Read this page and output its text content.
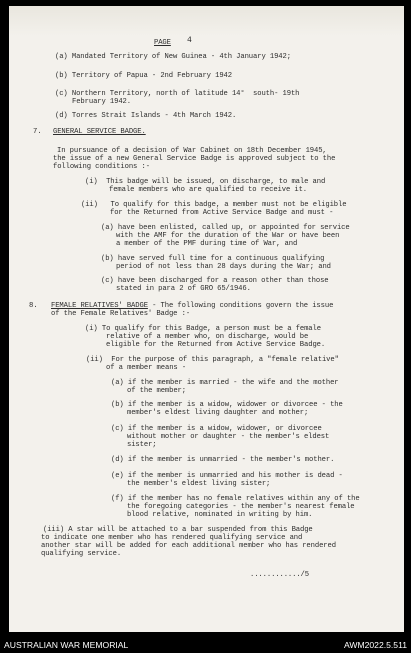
PAGE 4
(a) Mandated Territory of New Guinea - 4th January 1942;
(b) Territory of Papua - 2nd February 1942
(c) Northern Territory, north of latitude 14°  south- 19th
February 1942.
(d) Torres Strait Islands - 4th March 1942.
7. GENERAL SERVICE BADGE.
In pursuance of a decision of War Cabinet on 18th December 1945,
the issue of a new General Service Badge is approved subject to the
following conditions :-
(i)  This badge will be issued, on discharge, to male and
female members who are qualified to receive it.
(ii)   To qualify for this badge, a member must not be eligible
for the Returned from Active Service Badge and must -
(a) have been enlisted, called up, or appointed for service
with the AMF for the duration of the War or have been
a member of the PMF during time of War, and
(b) have served full time for a continuous qualifying
period of not less than 28 days during the War; and
(c) have been discharged for a reason other than those
stated in para 2 of GRO 65/1946.
8. FEMALE RELATIVES' BADGE - The following conditions govern the issue
of the Female Relatives' Badge :-
(i) To qualify for this Badge, a person must be a female
relative of a member who, on discharge, would be
eligible for the Returned from Active Service Badge.
(ii)  For the purpose of this paragraph, a "female relative"
of a member means -
(a) if the member is married - the wife and the mother
of the member;
(b) if the member is a widow, widower or divorcee - the
member's eldest living daughter and mother;
(c) if the member is a widow, widower, or divorcee
without mother or daughter - the member's eldest
sister;
(d) if the member is unmarried - the member's mother.
(e) if the member is unmarried and his mother is dead -
the member's eldest living sister;
(f) if the member has no female relatives within any of the
the foregoing categories - the member's nearest female
blood relative, nominated in writing by him.
(iii) A star will be attached to a bar suspended from this Badge
to indicate one member who has rendered qualifying service and
another star will be added for each additional member who has rendered
qualifying service.
............/5
AUSTRALIAN WAR MEMORIAL	AWM2022.5.511
